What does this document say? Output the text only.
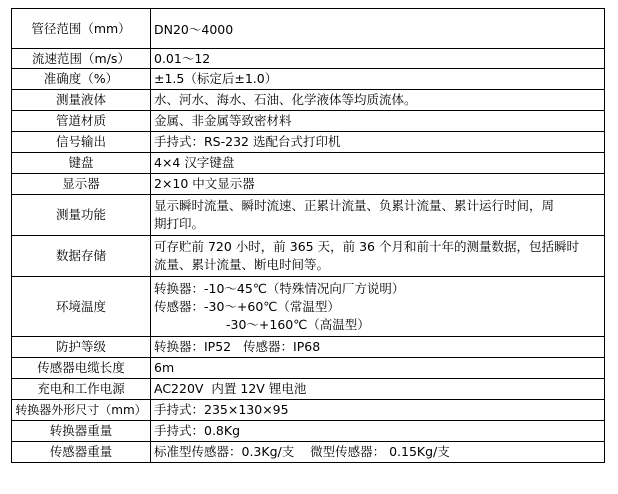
管径范围（mm）	DN20～4000

流速范围（m/s）	0.01～12

准确度（%）	±1.5（标定后±1.0）

测量液体	水、河水、海水、石油、化学液体等均质流体。

管道材质	金属、非金属等致密材料

信号输出	手持式：RS-232 选配台式打印机

键盘	4×4 汉字键盘

显示器	2×10 中文显示器

测量功能	显示瞬时流量、瞬时流速、正累计流量、负累计流量、累计运行时间，周
期打印。

数据存储	可存贮前 720 小时，前 365 天，前 36 个月和前十年的测量数据，包括瞬时
流量、累计流量、断电时间等。

环境温度	转换器：-10～45℃（特殊情况向厂方说明）
传感器：-30～+60℃（常温型）
-30～+160℃（高温型）

防护等级	转换器：IP52   传感器：IP68

传感器电缆长度	6m

充电和工作电源	AC220V  内置 12V 锂电池

转换器外形尺寸（mm）	手持式：235×130×95

转换器重量	手持式：0.8Kg

传感器重量	标准型传感器：0.3Kg/支    微型传感器： 0.15Kg/支
